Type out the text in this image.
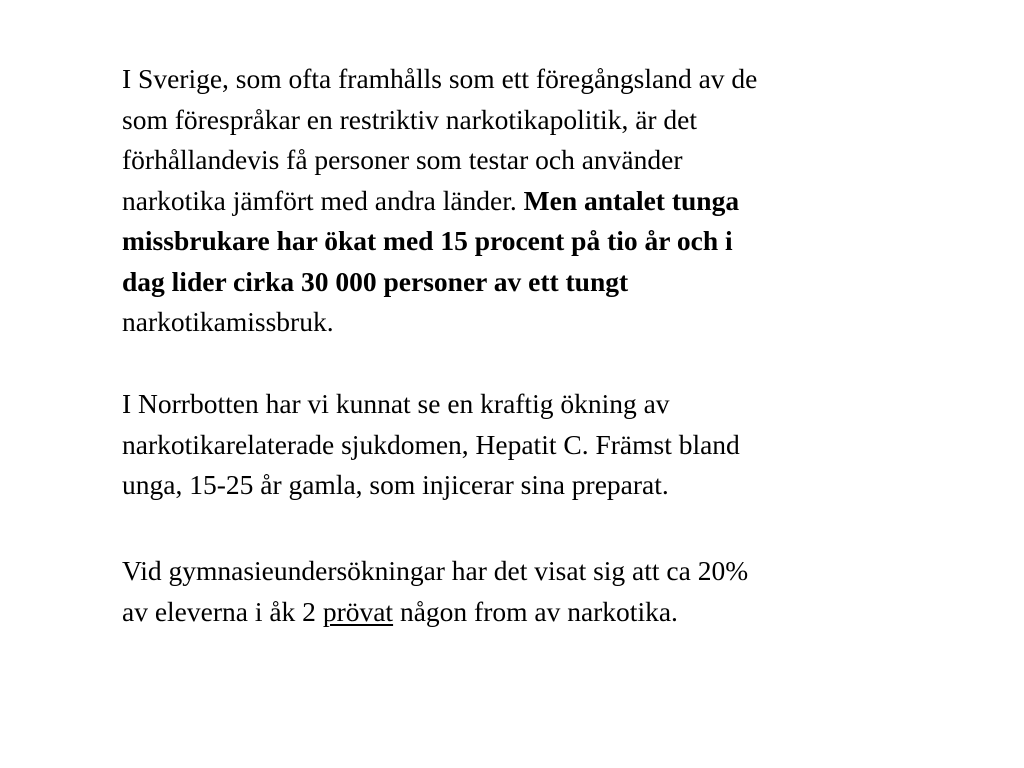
I Sverige, som ofta framhålls som ett föregångsland av de
som förespråkar en restriktiv narkotikapolitik, är det
förhållandevis få personer som testar och använder
narkotika jämfört med andra länder. Men antalet tunga
missbrukare har ökat med 15 procent på tio år och i
dag lider cirka 30 000 personer av ett tungt
narkotikamissbruk.

I Norrbotten har vi kunnat se en kraftig ökning av
narkotikarelaterade sjukdomen, Hepatit C. Främst bland
unga, 15-25 år gamla, som injicerar sina preparat.

Vid gymnasieundersökningar har det visat sig att ca 20%
av eleverna i åk 2 prövat någon from av narkotika.
